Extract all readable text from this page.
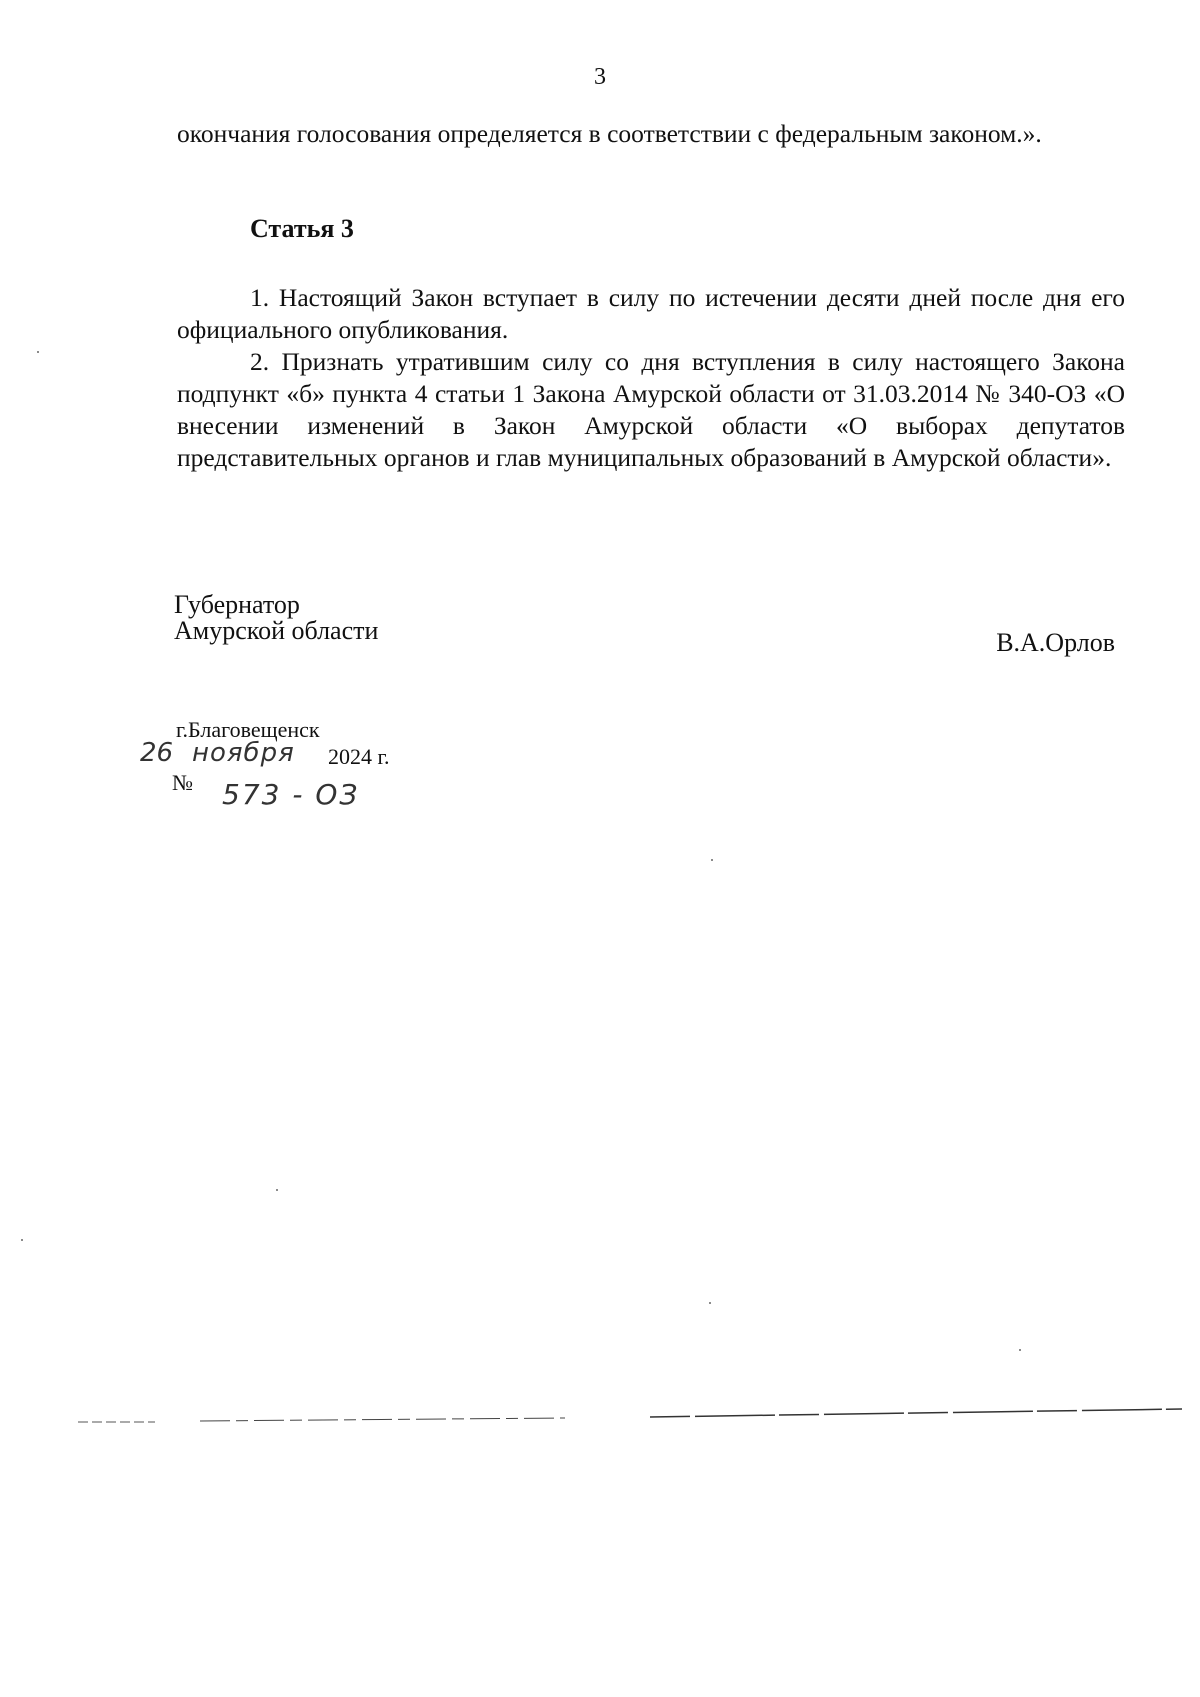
3

окончания голосования определяется в соответствии с федеральным законом.».

Статья 3

1. Настоящий Закон вступает в силу по истечении десяти дней после дня его официального опубликования.

2. Признать утратившим силу со дня вступления в силу настоящего Закона подпункт «б» пункта 4 статьи 1 Закона Амурской области от 31.03.2014 № 340-ОЗ «О внесении изменений в Закон Амурской области «О выборах депутатов представительных органов и глав муниципальных образований в Амурской области».

Губернатор
Амурской области	В.А.Орлов
г.Благовещенск
26 ноября 2024 г.
№ 573 - ОЗ
